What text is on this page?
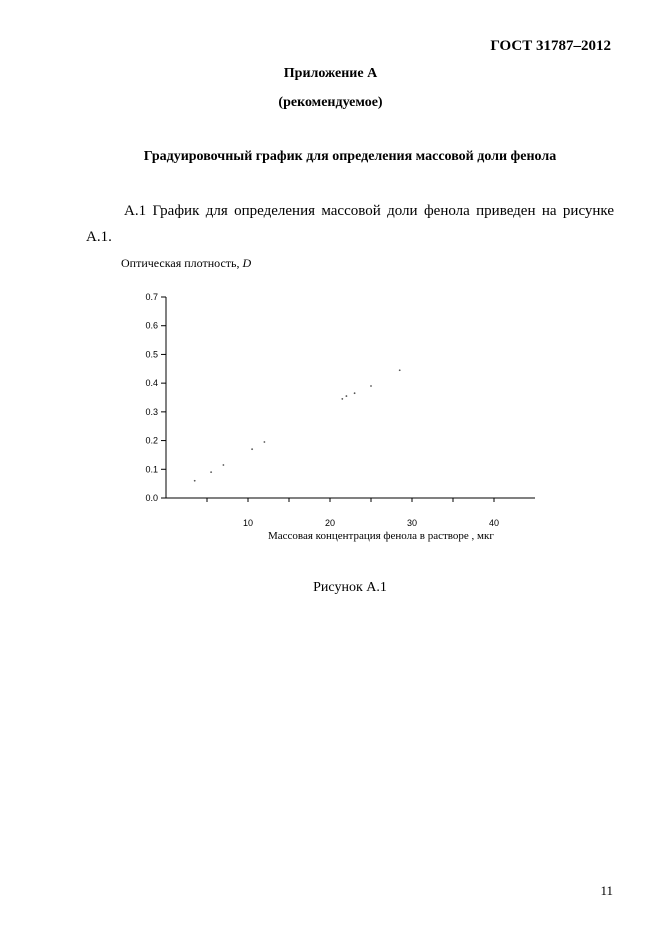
ГОСТ 31787–2012
Приложение А
(рекомендуемое)
Градуировочный график для определения массовой доли фенола

А.1 График для определения массовой доли фенола приведен на рисунке А.1.

Оптическая плотность, D
0.0
0.1
0.2
0.3
0.4
0.5
0.6
0.7
10	20	30	40
Массовая концентрация фенола в растворе , мкг
Рисунок А.1
11
